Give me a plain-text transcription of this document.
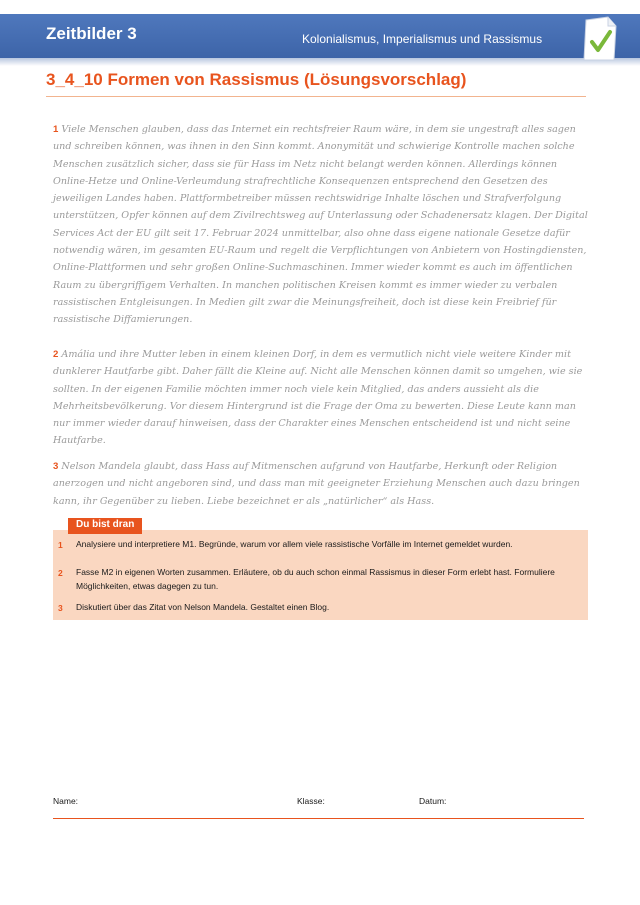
Zeitbilder 3	Kolonialismus, Imperialismus und Rassismus
3_4_10 Formen von Rassismus (Lösungsvorschlag)
1 Viele Menschen glauben, dass das Internet ein rechtsfreier Raum wäre, in dem sie ungestraft alles sagen und schreiben können, was ihnen in den Sinn kommt. Anonymität und schwierige Kontrolle machen solche Menschen zusätzlich sicher, dass sie für Hass im Netz nicht belangt werden können. Allerdings können Online-Hetze und Online-Verleumdung strafrechtliche Konsequenzen entsprechend den Gesetzen des jeweiligen Landes haben. Plattformbetreiber müssen rechtswidrige Inhalte löschen und Strafverfolgung unterstützen, Opfer können auf dem Zivilrechtsweg auf Unterlassung oder Schadenersatz klagen. Der Digital Services Act der EU gilt seit 17. Februar 2024 unmittelbar, also ohne dass eigene nationale Gesetze dafür notwendig wären, im gesamten EU-Raum und regelt die Verpflichtungen von Anbietern von Hostingdiensten, Online-Plattformen und sehr großen Online-Suchmaschinen. Immer wieder kommt es auch im öffentlichen Raum zu übergriffigem Verhalten. In manchen politischen Kreisen kommt es immer wieder zu verbalen rassistischen Entgleisungen. In Medien gilt zwar die Meinungsfreiheit, doch ist diese kein Freibrief für rassistische Diffamierungen.
2 Amália und ihre Mutter leben in einem kleinen Dorf, in dem es vermutlich nicht viele weitere Kinder mit dunklerer Hautfarbe gibt. Daher fällt die Kleine auf. Nicht alle Menschen können damit so umgehen, wie sie sollten. In der eigenen Familie möchten immer noch viele kein Mitglied, das anders aussieht als die Mehrheitsbevölkerung. Vor diesem Hintergrund ist die Frage der Oma zu bewerten. Diese Leute kann man nur immer wieder darauf hinweisen, dass der Charakter eines Menschen entscheidend ist und nicht seine Hautfarbe.
3 Nelson Mandela glaubt, dass Hass auf Mitmenschen aufgrund von Hautfarbe, Herkunft oder Religion anerzogen und nicht angeboren sind, und dass man mit geeigneter Erziehung Menschen auch dazu bringen kann, ihr Gegenüber zu lieben. Liebe bezeichnet er als „natürlicher“ als Hass.
Du bist dran
1 Analysiere und interpretiere M1. Begründe, warum vor allem viele rassistische Vorfälle im Internet gemeldet wurden.
2 Fasse M2 in eigenen Worten zusammen. Erläutere, ob du auch schon einmal Rassismus in dieser Form erlebt hast. Formuliere Möglichkeiten, etwas dagegen zu tun.
3 Diskutiert über das Zitat von Nelson Mandela. Gestaltet einen Blog.
Name:	Klasse:	Datum:
